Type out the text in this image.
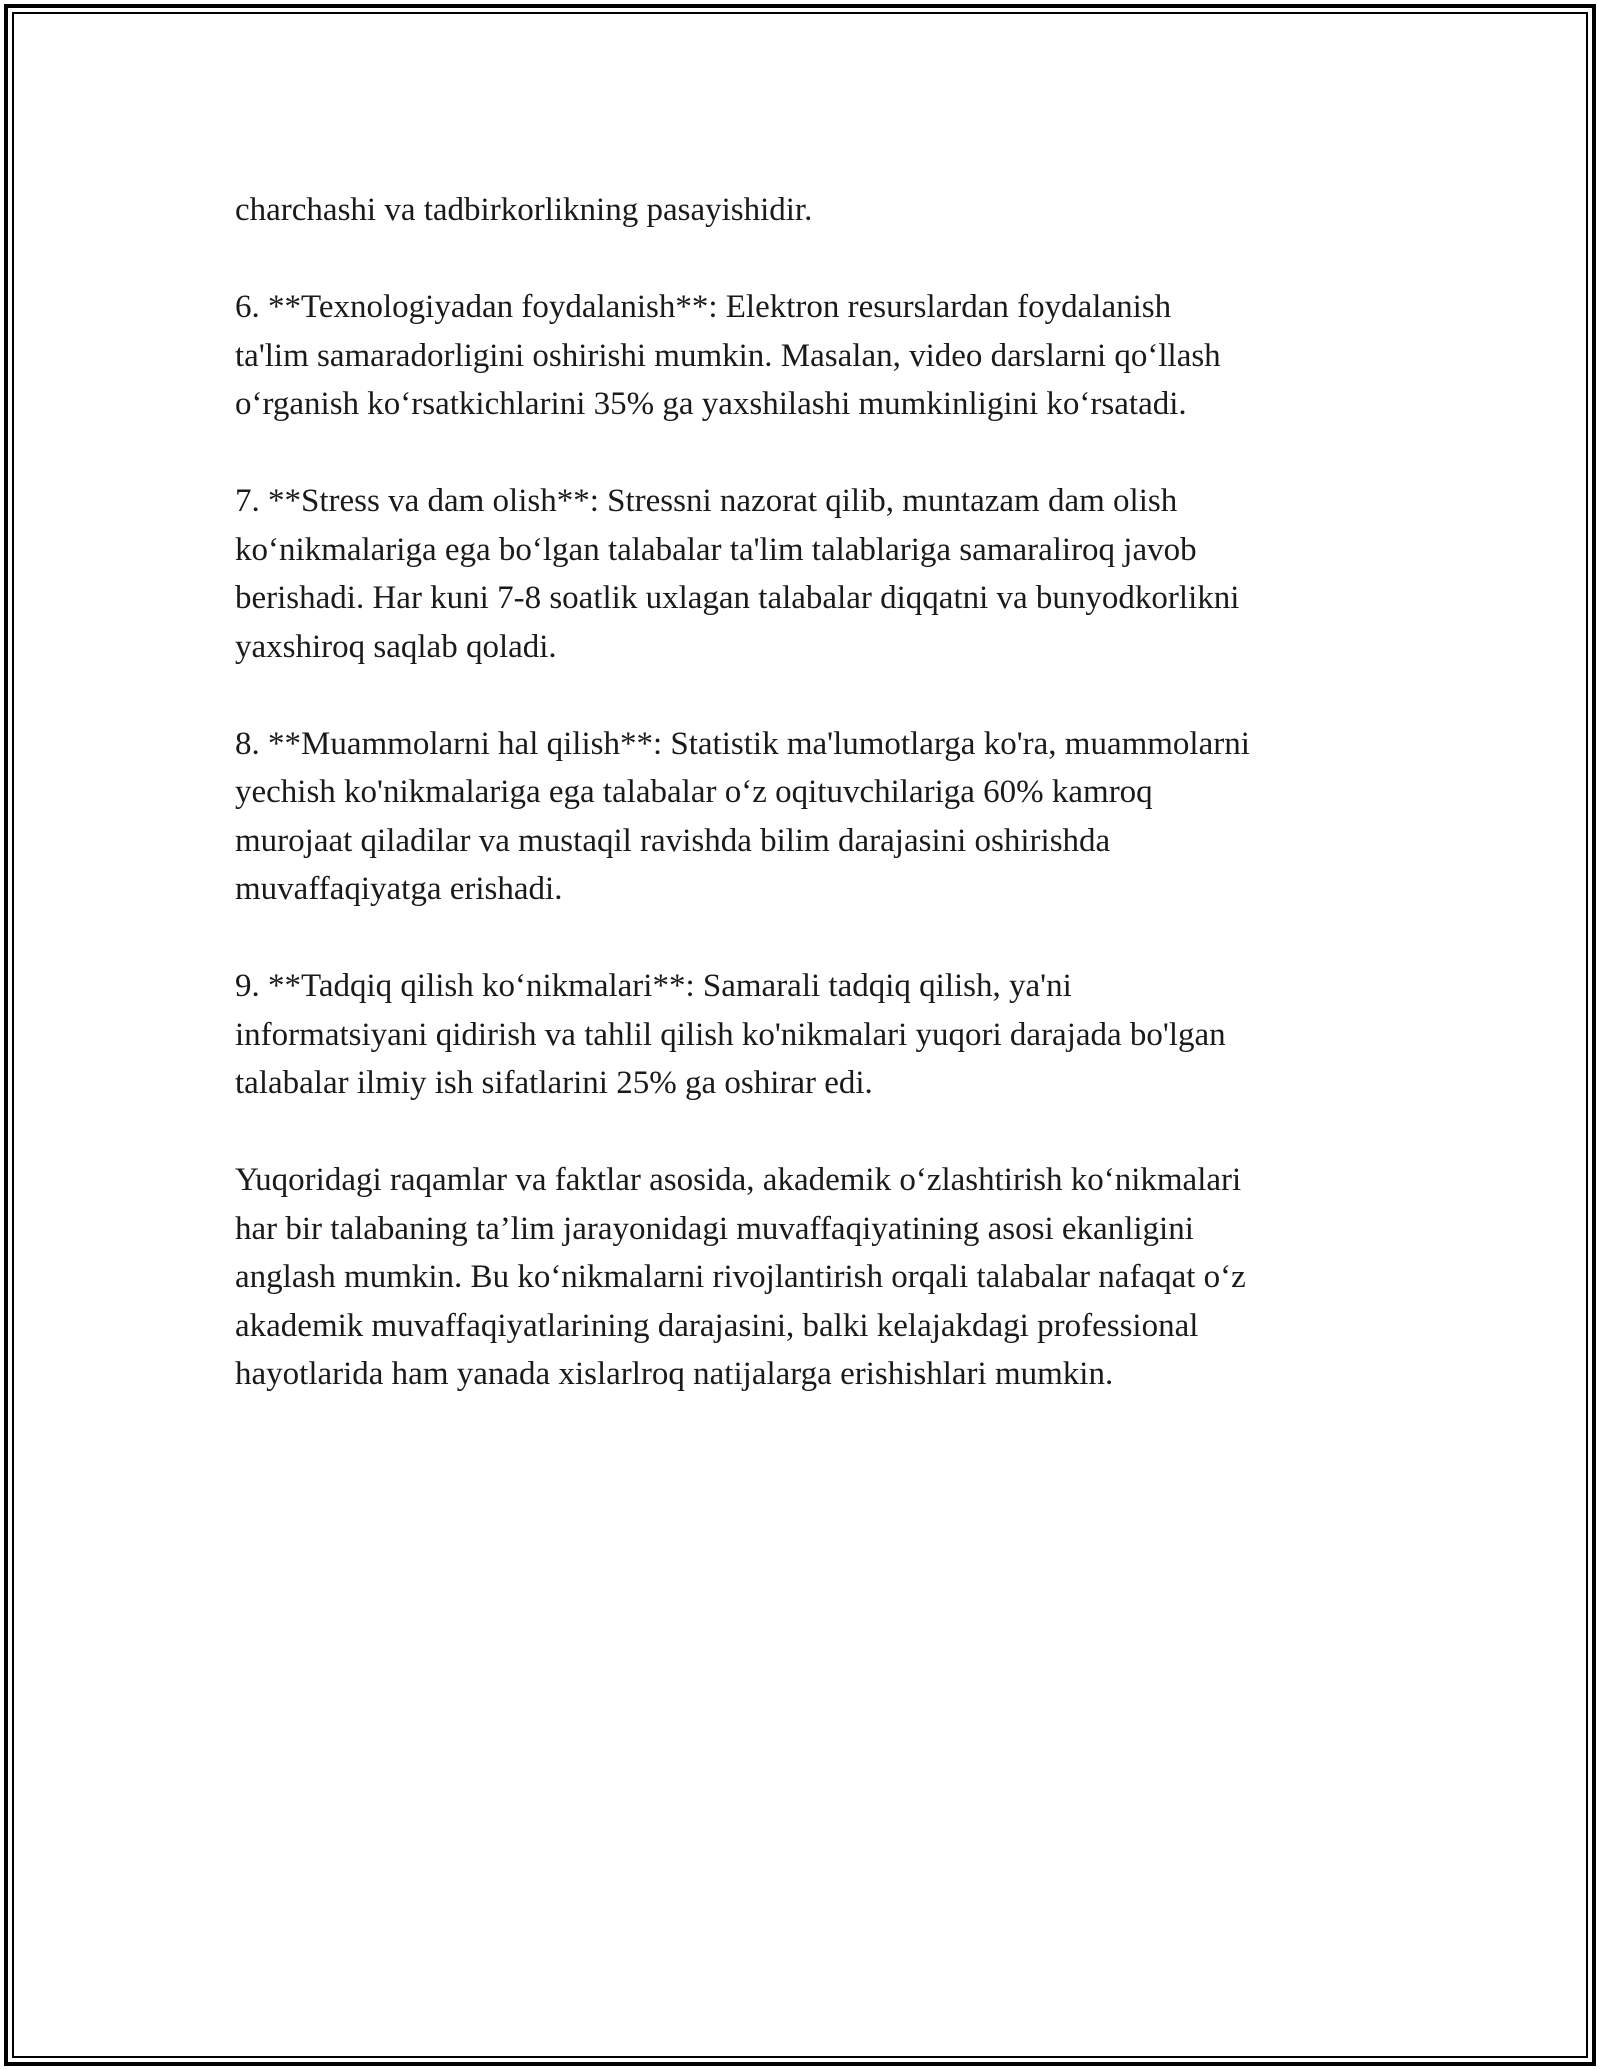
charchashi va tadbirkorlikning pasayishidir.

6. **Texnologiyadan foydalanish**: Elektron resurslardan foydalanish
ta'lim samaradorligini oshirishi mumkin. Masalan, video darslarni qoʻllash
oʻrganish koʻrsatkichlarini 35% ga yaxshilashi mumkinligini koʻrsatadi.

7. **Stress va dam olish**: Stressni nazorat qilib, muntazam dam olish
koʻnikmalariga ega boʻlgan talabalar ta'lim talablariga samaraliroq javob
berishadi. Har kuni 7-8 soatlik uxlagan talabalar diqqatni va bunyodkorlikni
yaxshiroq saqlab qoladi.

8. **Muammolarni hal qilish**: Statistik ma'lumotlarga ko'ra, muammolarni
yechish ko'nikmalariga ega talabalar oʻz oqituvchilariga 60% kamroq
murojaat qiladilar va mustaqil ravishda bilim darajasini oshirishda
muvaffaqiyatga erishadi.

9. **Tadqiq qilish koʻnikmalari**: Samarali tadqiq qilish, ya'ni
informatsiyani qidirish va tahlil qilish ko'nikmalari yuqori darajada bo'lgan
talabalar ilmiy ish sifatlarini 25% ga oshirar edi.

Yuqoridagi raqamlar va faktlar asosida, akademik oʻzlashtirish koʻnikmalari
har bir talabaning ta’lim jarayonidagi muvaffaqiyatining asosi ekanligini
anglash mumkin. Bu koʻnikmalarni rivojlantirish orqali talabalar nafaqat oʻz
akademik muvaffaqiyatlarining darajasini, balki kelajakdagi professional
hayotlarida ham yanada xislarlroq natijalarga erishishlari mumkin.
